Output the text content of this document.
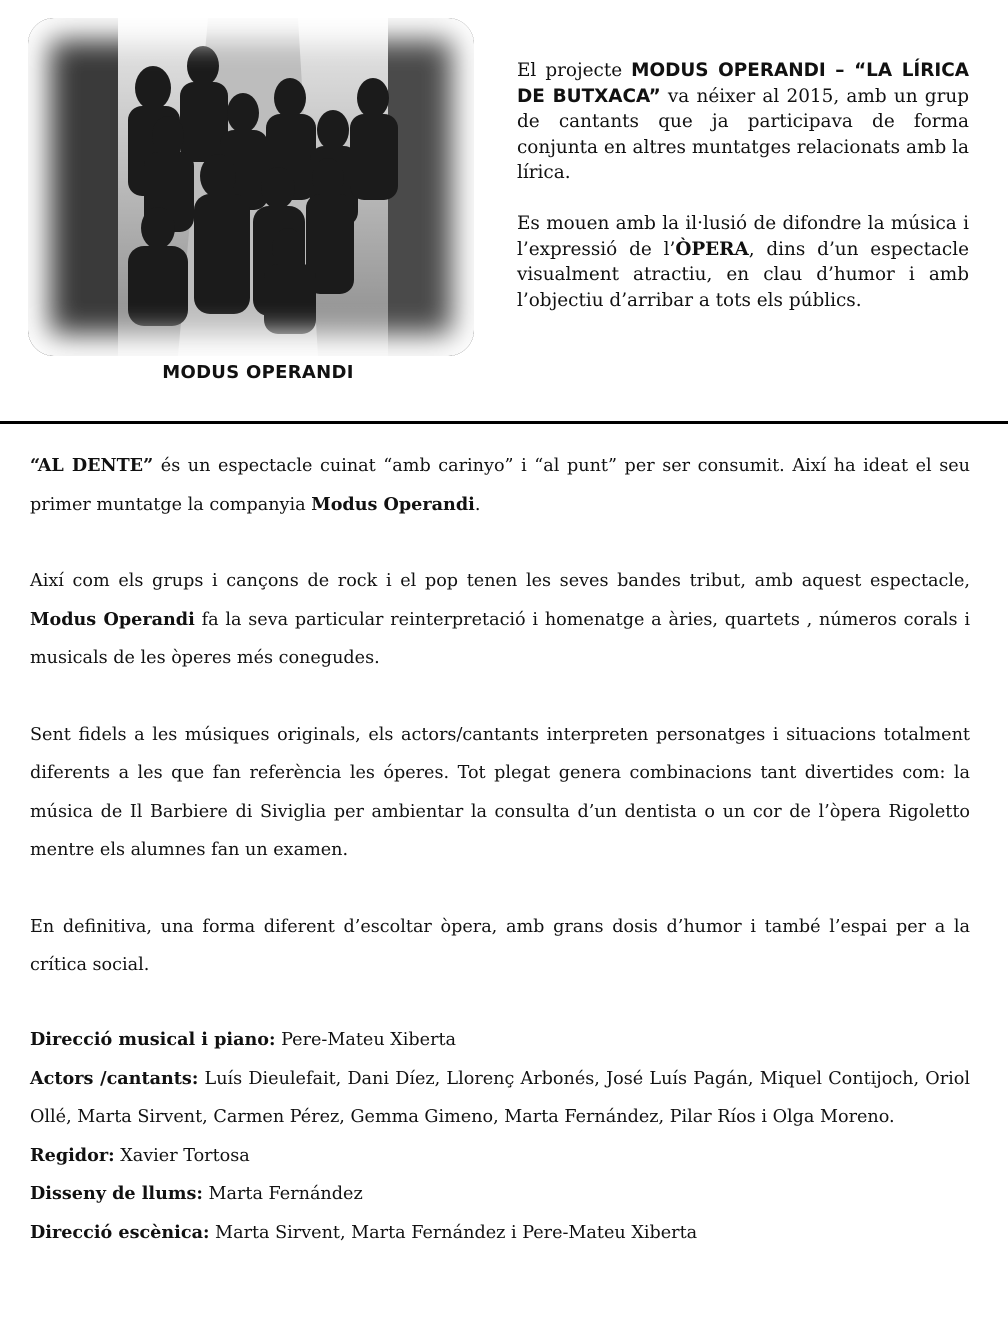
MODUS OPERANDI

El projecte MODUS OPERANDI – “LA LÍRICA DE BUTXACA” va néixer al 2015, amb un grup de cantants que ja participava de forma conjunta en altres muntatges relacionats amb la lírica.

Es mouen amb la il·lusió de difondre la música i l’expressió de l’ÒPERA, dins d’un espectacle visualment atractiu, en clau d’humor i amb l’objectiu d’arribar a tots els públics.

“AL DENTE” és un espectacle cuinat “amb carinyo” i “al punt” per ser consumit. Així ha ideat el seu primer muntatge la companyia Modus Operandi.

Així com els grups i cançons de rock i el pop tenen les seves bandes tribut, amb aquest espectacle, Modus Operandi fa la seva particular reinterpretació i homenatge a àries, quartets , números corals i musicals de les òperes més conegudes.

Sent fidels a les músiques originals, els actors/cantants interpreten personatges i situacions totalment diferents a les que fan referència les óperes. Tot plegat genera combinacions tant divertides com: la música de Il Barbiere di Siviglia per ambientar la consulta d’un dentista o un cor de l’òpera Rigoletto mentre els alumnes fan un examen.

En definitiva, una forma diferent d’escoltar òpera, amb grans dosis d’humor i també l’espai per a la crítica social.

Direcció musical i piano: Pere-Mateu Xiberta

Actors /cantants: Luís Dieulefait, Dani Díez, Llorenç Arbonés, José Luís Pagán, Miquel Contijoch, Oriol Ollé, Marta Sirvent, Carmen Pérez, Gemma Gimeno, Marta Fernández, Pilar Ríos i Olga Moreno.

Regidor: Xavier Tortosa

Disseny de llums: Marta Fernández

Direcció escènica: Marta Sirvent, Marta Fernández i Pere-Mateu Xiberta
